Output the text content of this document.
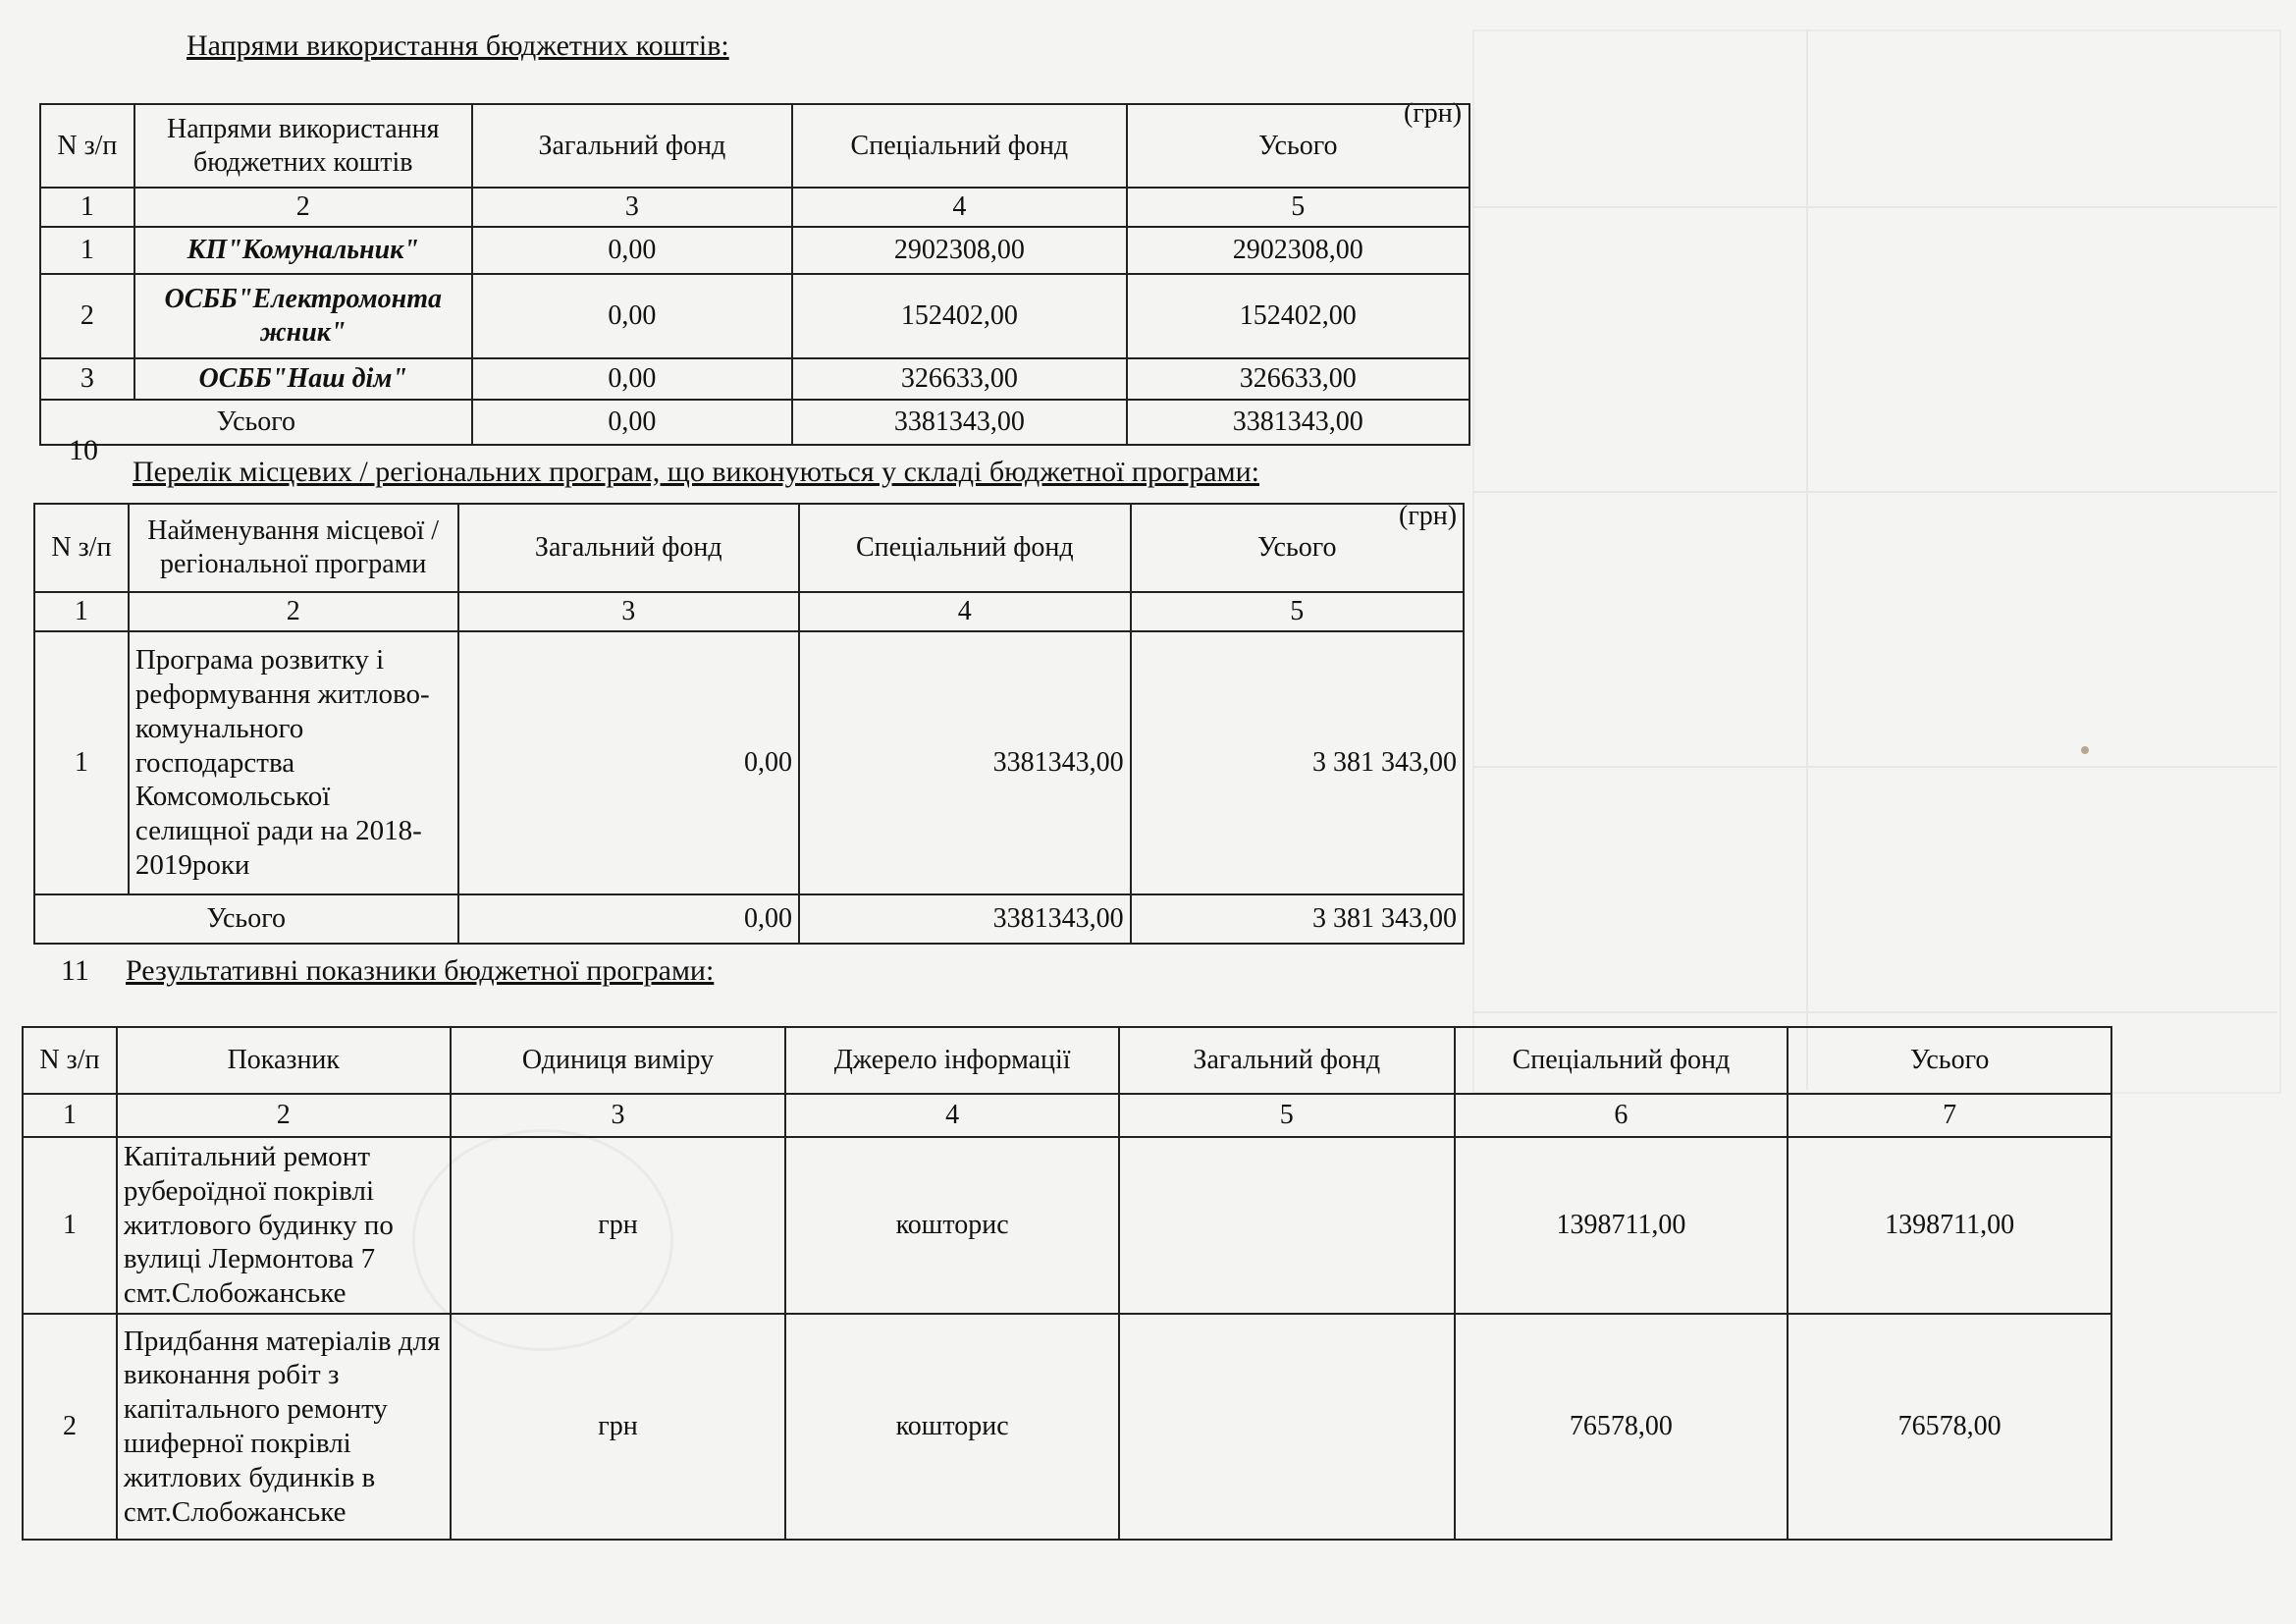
Напрями використання бюджетних коштів:
(грн)
N з/п	Напрями використання бюджетних коштів	Загальний фонд	Спеціальний фонд	Усього
1	2	3	4	5
1	КП"Комунальник"	0,00	2902308,00	2902308,00
2	ОСББ"Електромонта жник"	0,00	152402,00	152402,00
3	ОСББ"Наш дім"	0,00	326633,00	326633,00
Усього		0,00	3381343,00	3381343,00
10
Перелік місцевих / регіональних програм, що виконуються у складі бюджетної програми:
(грн)
N з/п	Найменування місцевої / регіональної програми	Загальний фонд	Спеціальний фонд	Усього
1	2	3	4	5
1	Програма розвитку і реформування житлово-комунального господарства Комсомольської селищної ради на 2018-2019роки	0,00	3381343,00	3 381 343,00
Усього		0,00	3381343,00	3 381 343,00
11 Результативні показники бюджетної програми:
N з/п	Показник	Одиниця виміру	Джерело інформації	Загальний фонд	Спеціальний фонд	Усього
1	2	3	4	5	6	7
1	Капітальний ремонт руберoїдної покрівлі житлового будинку по вулиці Лермонтова 7 смт.Слобожанське	грн	кошторис		1398711,00	1398711,00
2	Придбання матеріалів для виконання робіт з капітального ремонту шиферної покрівлі житлових будинків в смт.Слобожанське	грн	кошторис		76578,00	76578,00
